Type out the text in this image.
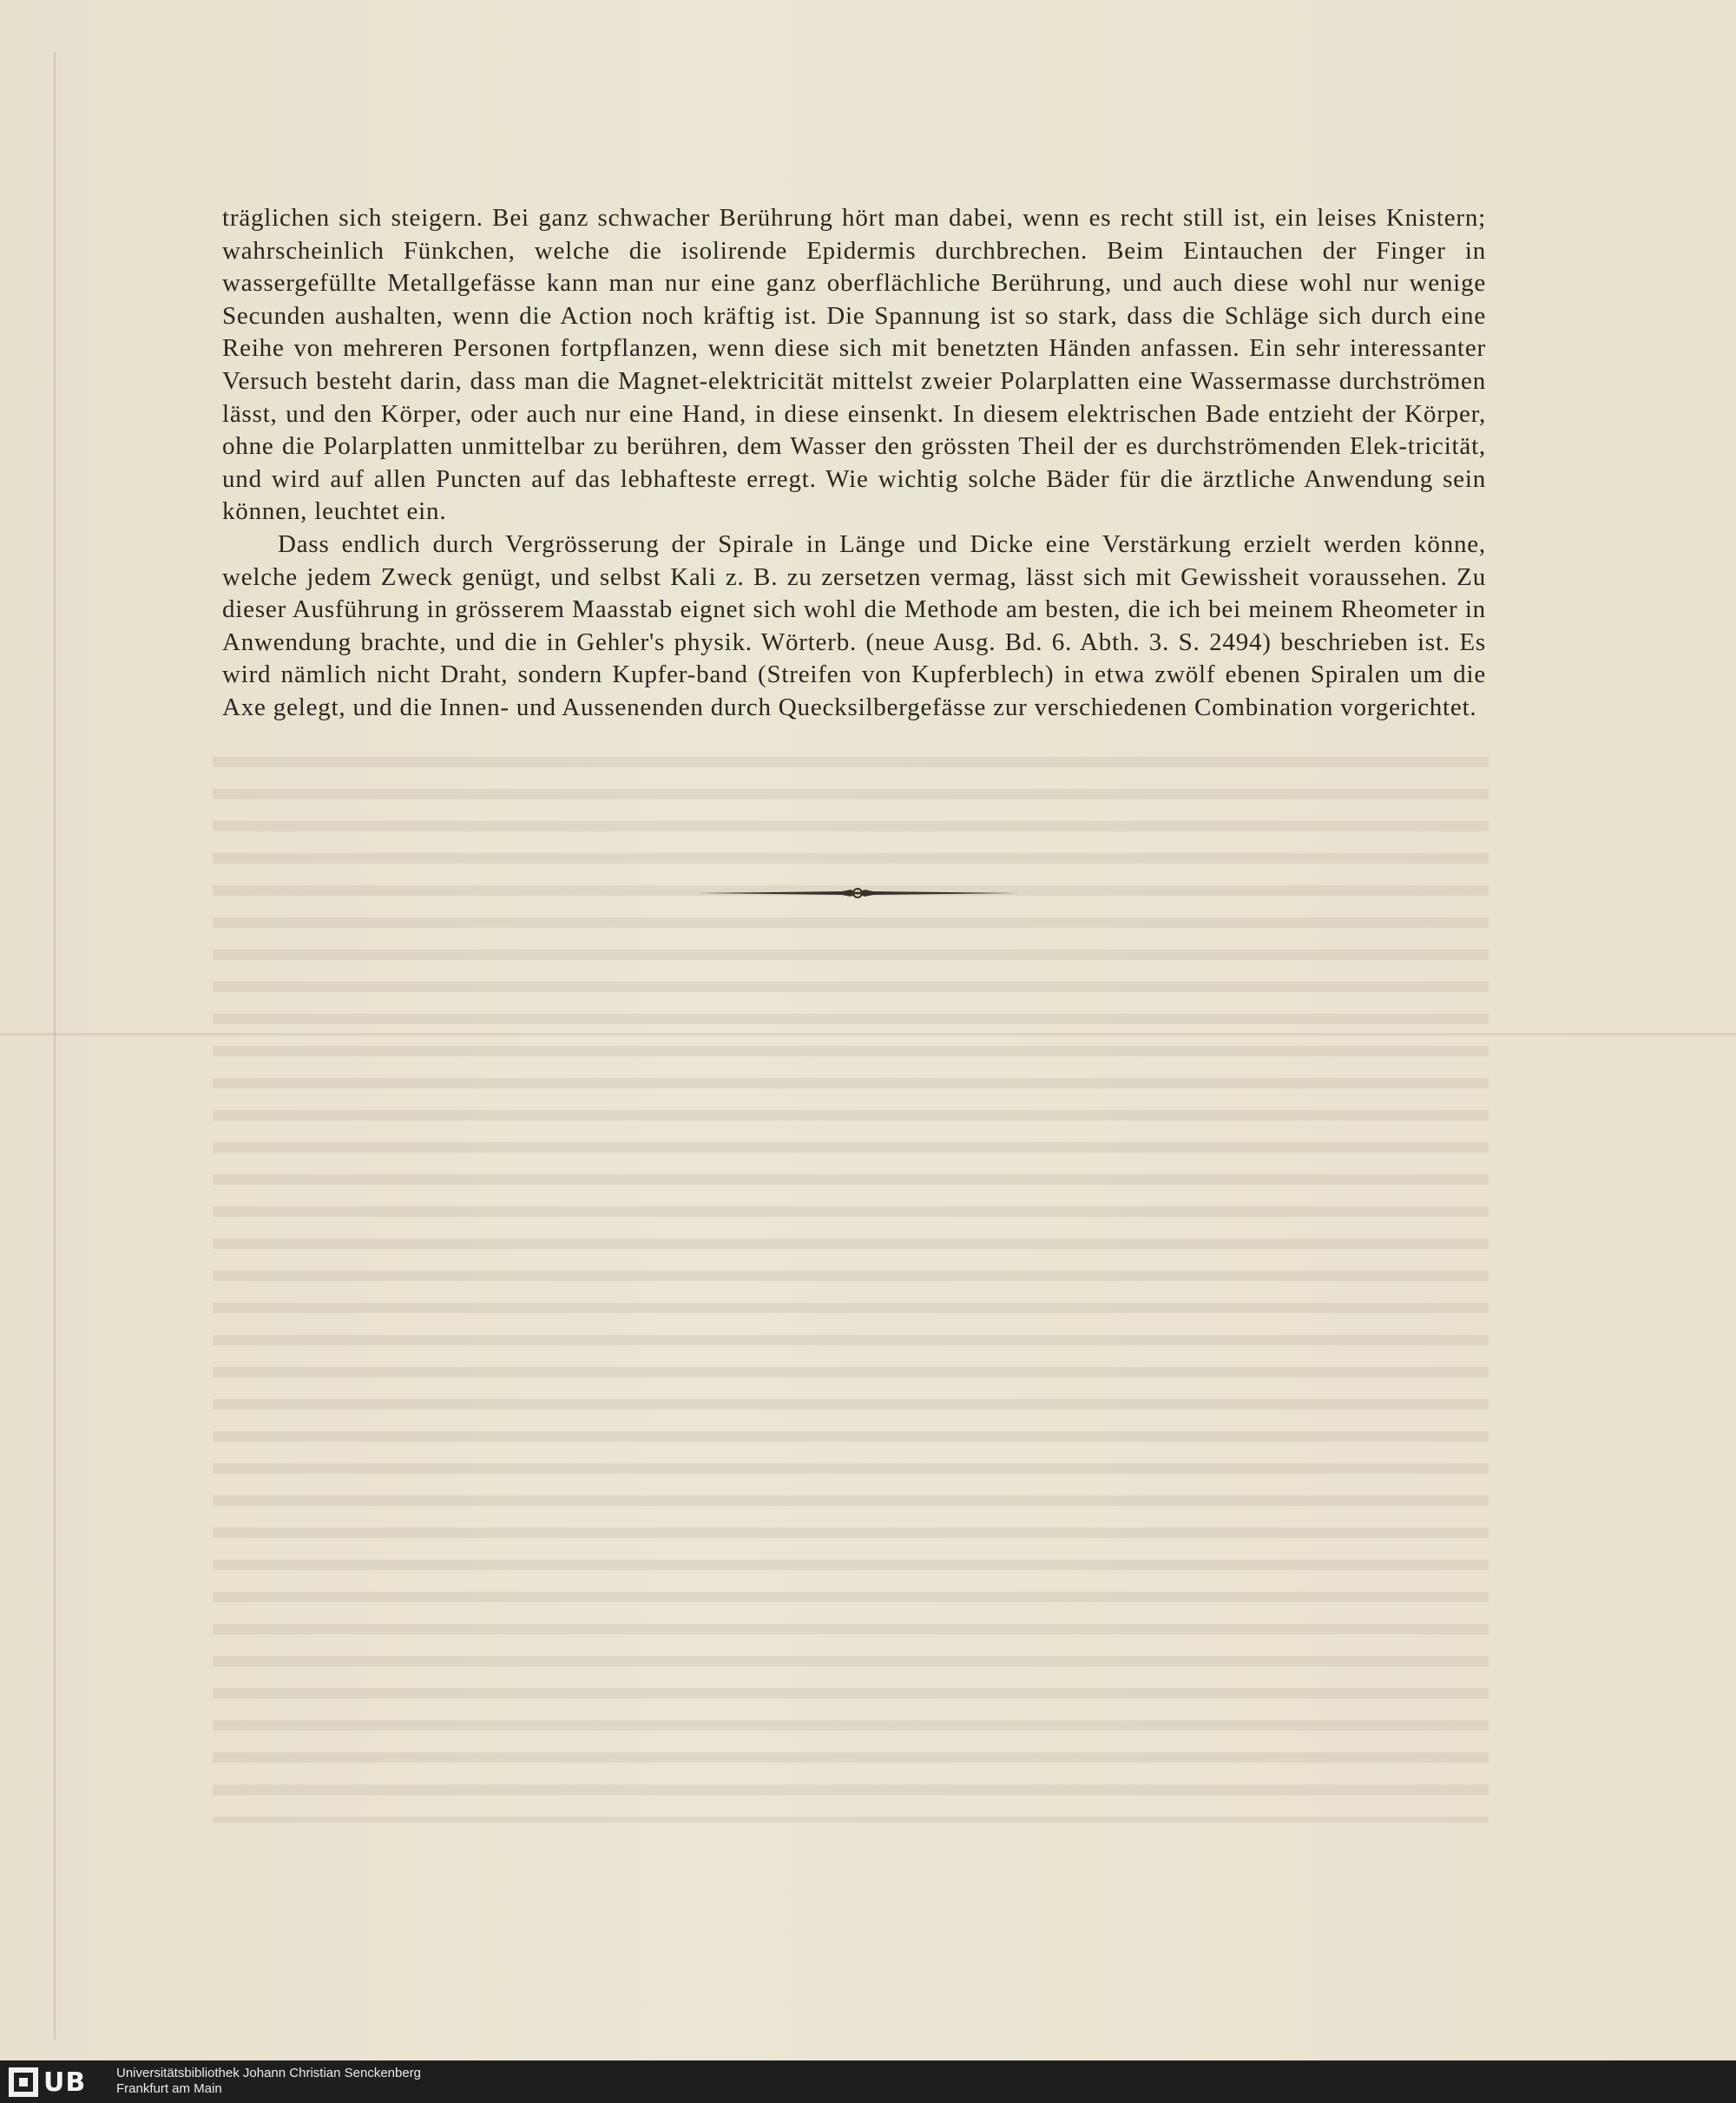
träglichen sich steigern. Bei ganz schwacher Berührung hört man dabei, wenn es recht still ist, ein leises Knistern; wahrscheinlich Fünkchen, welche die isolirende Epidermis durchbrechen. Beim Eintauchen der Finger in wassergefüllte Metallgefässe kann man nur eine ganz oberflächliche Berührung, und auch diese wohl nur wenige Secunden aushalten, wenn die Action noch kräftig ist. Die Spannung ist so stark, dass die Schläge sich durch eine Reihe von mehreren Personen fortpflanzen, wenn diese sich mit benetzten Händen anfassen. Ein sehr interessanter Versuch besteht darin, dass man die Magnet-elektricität mittelst zweier Polarplatten eine Wassermasse durchströmen lässt, und den Körper, oder auch nur eine Hand, in diese einsenkt. In diesem elektrischen Bade entzieht der Körper, ohne die Polarplatten unmittelbar zu berühren, dem Wasser den grössten Theil der es durchströmenden Elek-tricität, und wird auf allen Puncten auf das lebhafteste erregt. Wie wichtig solche Bäder für die ärztliche Anwendung sein können, leuchtet ein.

Dass endlich durch Vergrösserung der Spirale in Länge und Dicke eine Verstärkung erzielt werden könne, welche jedem Zweck genügt, und selbst Kali z. B. zu zersetzen vermag, lässt sich mit Gewissheit voraussehen. Zu dieser Ausführung in grösserem Maasstab eignet sich wohl die Methode am besten, die ich bei meinem Rheometer in Anwendung brachte, und die in Gehler's physik. Wörterb. (neue Ausg. Bd. 6. Abth. 3. S. 2494) beschrieben ist. Es wird nämlich nicht Draht, sondern Kupfer-band (Streifen von Kupferblech) in etwa zwölf ebenen Spiralen um die Axe gelegt, und die Innen- und Aussenenden durch Quecksilbergefässe zur verschiedenen Combination vorgerichtet.

UB Universitätsbibliothek Johann Christian Senckenberg
Frankfurt am Main
